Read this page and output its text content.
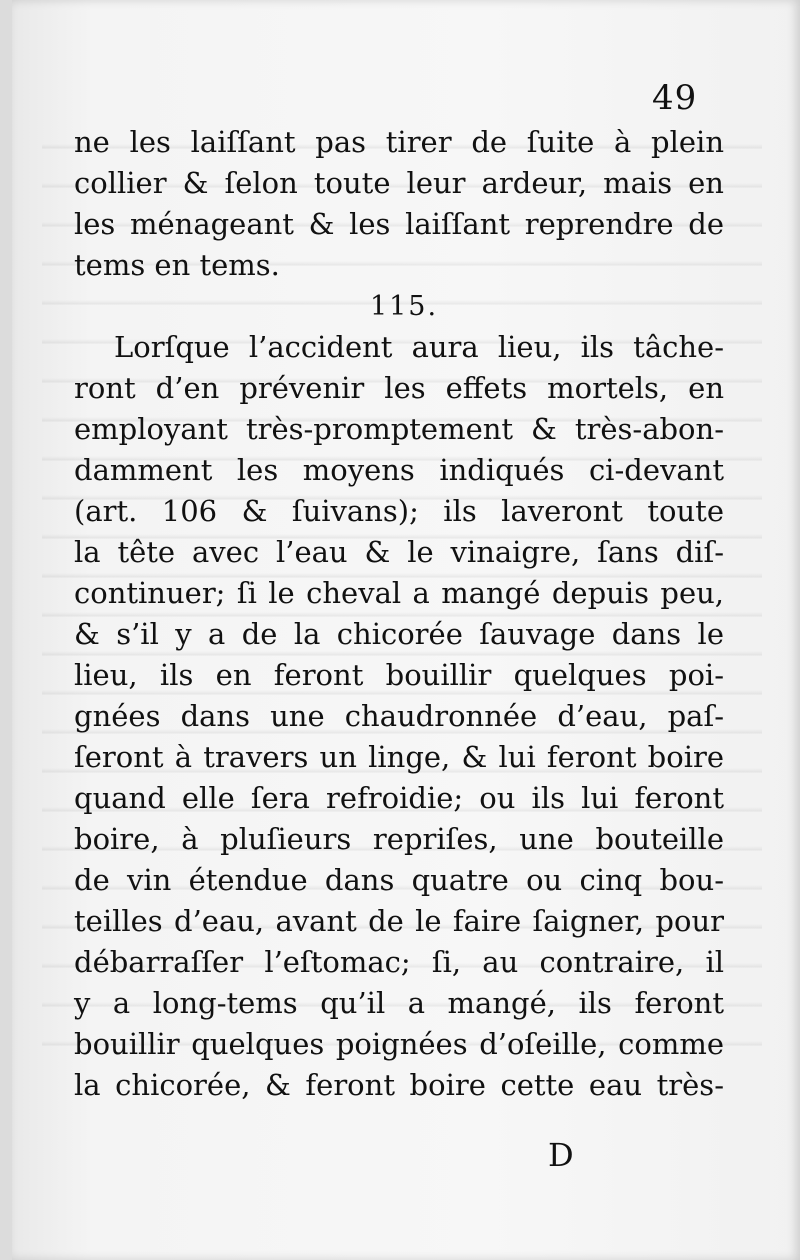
49
ne les laiſſant pas tirer de ſuite à plein
collier & ſelon toute leur ardeur, mais en
les ménageant & les laiſſant reprendre de
tems en tems.
115.
Lorſque l’accident aura lieu, ils tâche-
ront d’en prévenir les effets mortels, en
employant très-promptement & très-abon-
damment les moyens indiqués ci-devant
(art. 106 & ſuivans); ils laveront toute
la tête avec l’eau & le vinaigre, ſans diſ-
continuer; ſi le cheval a mangé depuis peu,
& s’il y a de la chicorée ſauvage dans le
lieu, ils en feront bouillir quelques poi-
gnées dans une chaudronnée d’eau, paſ-
ſeront à travers un linge, & lui feront boire
quand elle ſera refroidie; ou ils lui feront
boire, à pluſieurs repriſes, une bouteille
de vin étendue dans quatre ou cinq bou-
teilles d’eau, avant de le faire ſaigner, pour
débarraſſer l’eſtomac; ſi, au contraire, il
y a long-tems qu’il a mangé, ils feront
bouillir quelques poignées d’oſeille, comme
la chicorée, & feront boire cette eau très-
D
